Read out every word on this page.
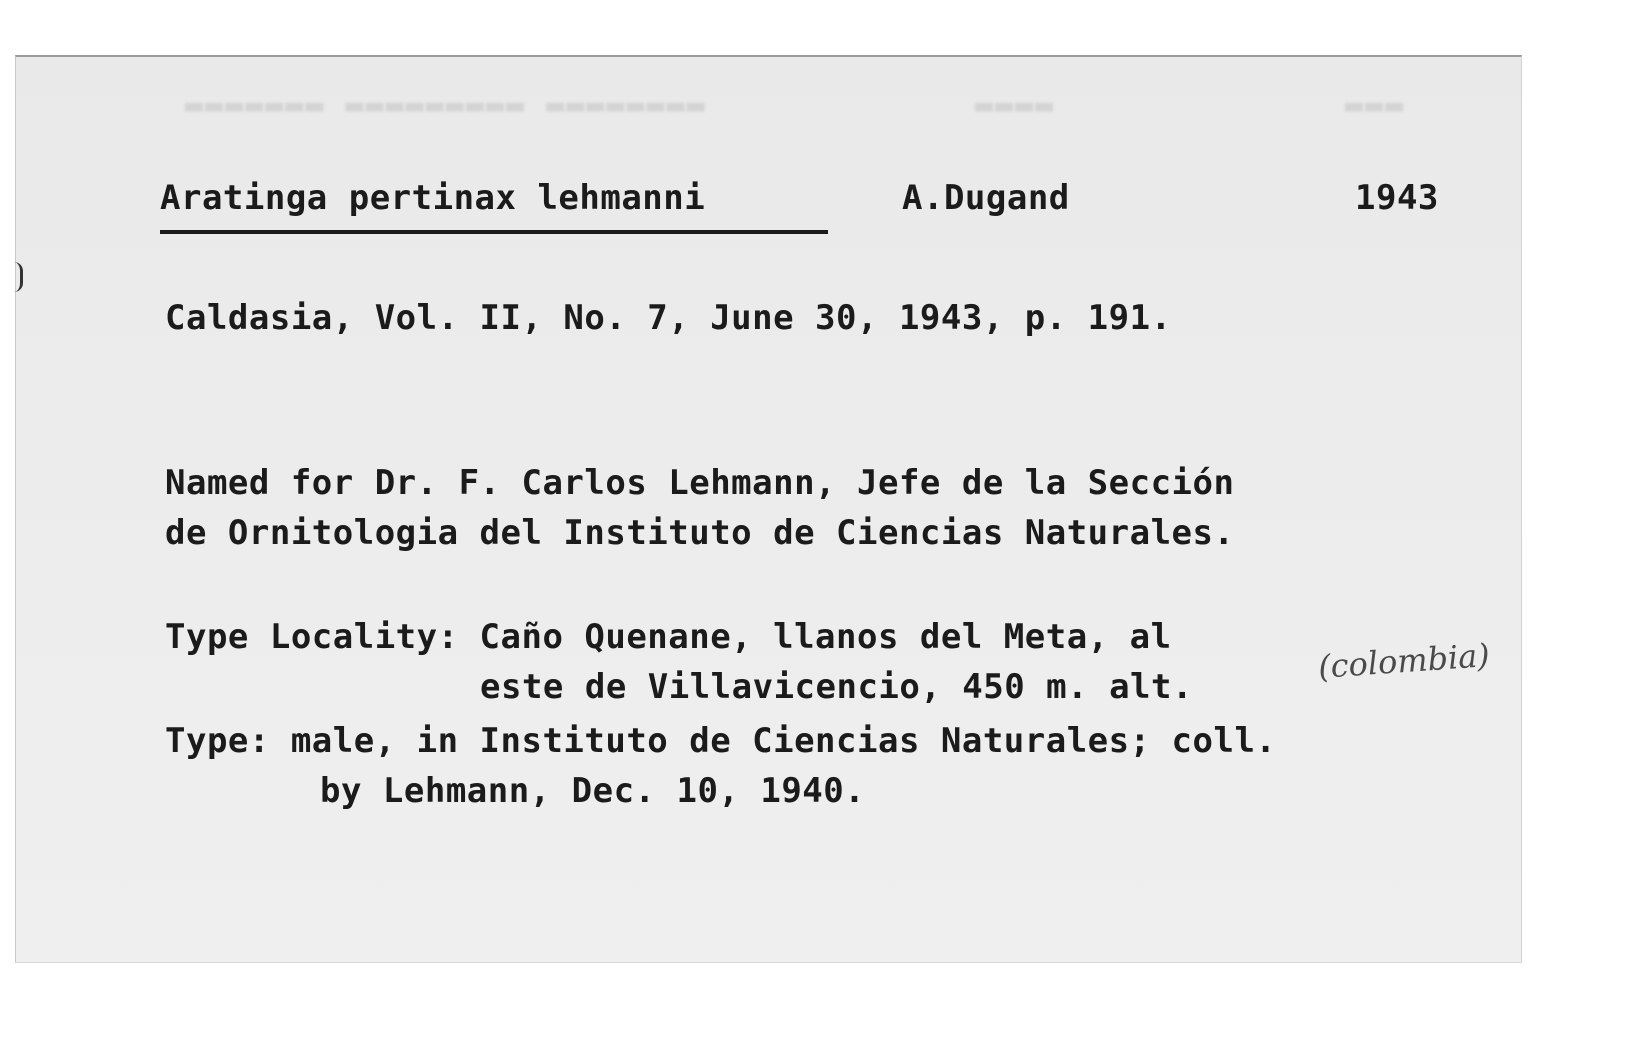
▬▬▬▬▬▬▬ ▬▬▬▬▬▬▬▬▬ ▬▬▬▬▬▬▬▬	▬▬▬▬	▬▬▬
Aratinga pertinax lehmanni	A.Dugand	1943
Caldasia, Vol. II, No. 7, June 30, 1943, p. 191.
Named for Dr. F. Carlos Lehmann, Jefe de la Sección
de Ornitologia del Instituto de Ciencias Naturales.
Type Locality: Caño Quenane, llanos del Meta, al
este de Villavicencio, 450 m. alt.
(colombia)
Type: male, in Instituto de Ciencias Naturales; coll.
by Lehmann, Dec. 10, 1940.
